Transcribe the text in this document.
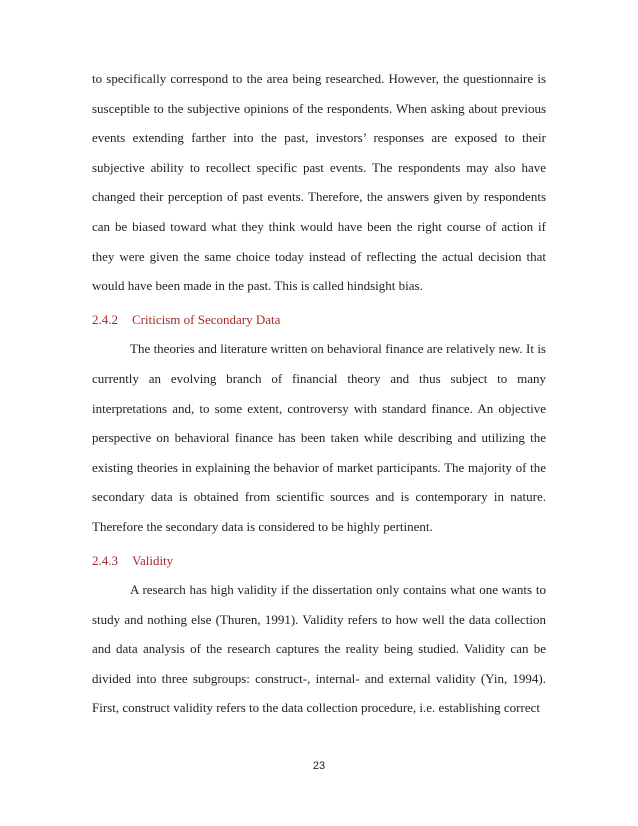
to specifically correspond to the area being researched. However, the questionnaire is susceptible to the subjective opinions of the respondents. When asking about previous events extending farther into the past, investors’ responses are exposed to their subjective ability to recollect specific past events. The respondents may also have changed their perception of past events. Therefore, the answers given by respondents can be biased toward what they think would have been the right course of action if they were given the same choice today instead of reflecting the actual decision that would have been made in the past. This is called hindsight bias.

2.4.2	Criticism of Secondary Data

The theories and literature written on behavioral finance are relatively new. It is currently an evolving branch of financial theory and thus subject to many interpretations and, to some extent, controversy with standard finance. An objective perspective on behavioral finance has been taken while describing and utilizing the existing theories in explaining the behavior of market participants. The majority of the secondary data is obtained from scientific sources and is contemporary in nature. Therefore the secondary data is considered to be highly pertinent.

2.4.3	Validity

A research has high validity if the dissertation only contains what one wants to study and nothing else (Thuren, 1991). Validity refers to how well the data collection and data analysis of the research captures the reality being studied. Validity can be divided into three subgroups: construct-, internal- and external validity (Yin, 1994). First, construct validity refers to the data collection procedure, i.e. establishing correct

23
